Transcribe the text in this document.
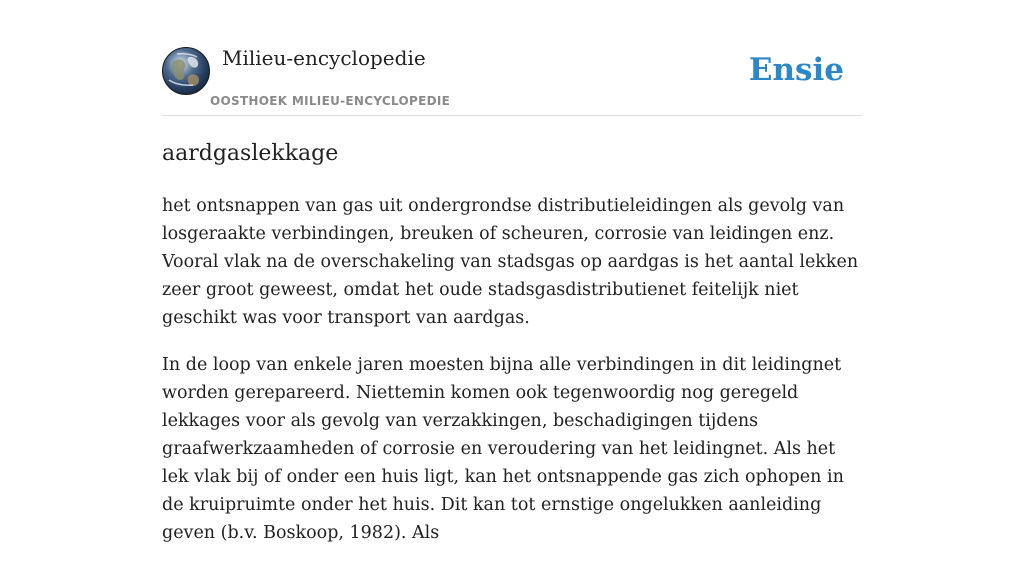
Milieu-encyclopedie
OOSTHOEK MILIEU-ENCYCLOPEDIE
Ensie
aardgaslekkage

het ontsnappen van gas uit ondergrondse distributieleidingen als gevolg van losgeraakte verbindingen, breuken of scheuren, corrosie van leidingen enz. Vooral vlak na de overschakeling van stadsgas op aardgas is het aantal lekken zeer groot geweest, omdat het oude stadsgasdistributienet feitelijk niet geschikt was voor transport van aardgas.

In de loop van enkele jaren moesten bijna alle verbindingen in dit leidingnet worden gerepareerd. Niettemin komen ook tegenwoordig nog geregeld lekkages voor als gevolg van verzakkingen, beschadigingen tijdens graafwerkzaamheden of corrosie en veroudering van het leidingnet. Als het lek vlak bij of onder een huis ligt, kan het ontsnappende gas zich ophopen in de kruipruimte onder het huis. Dit kan tot ernstige ongelukken aanleiding geven (b.v. Boskoop, 1982). Als
